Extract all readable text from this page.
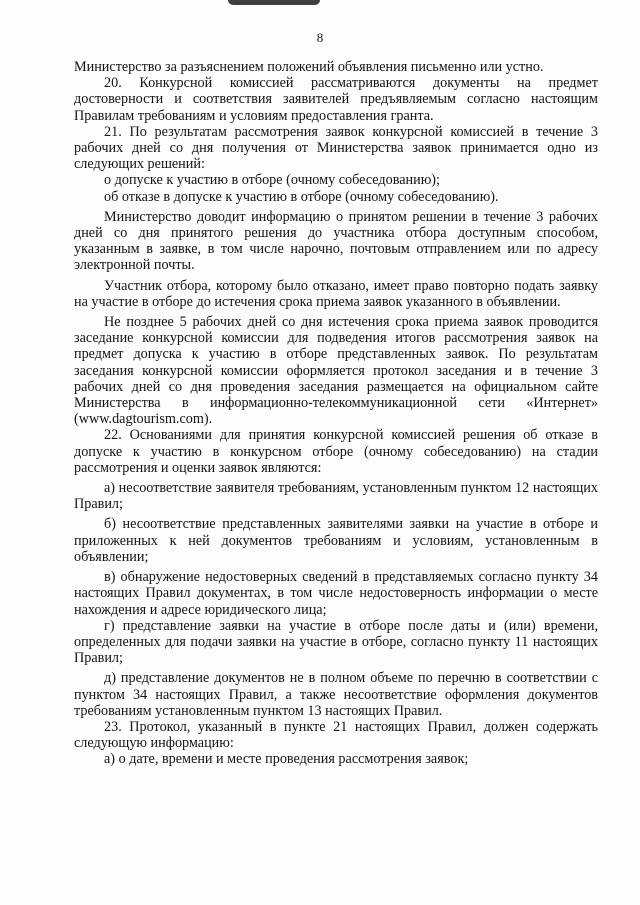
8

Министерство за разъяснением положений объявления письменно или устно.

20. Конкурсной комиссией рассматриваются документы на предмет достоверности и соответствия заявителей предъявляемым согласно настоящим Правилам требованиям и условиям предоставления гранта.

21. По результатам рассмотрения заявок конкурсной комиссией в течение 3 рабочих дней со дня получения от Министерства заявок принимается одно из следующих решений:

о допуске к участию в отборе (очному собеседованию);

об отказе в допуске к участию в отборе (очному собеседованию).

Министерство доводит информацию о принятом решении в течение 3 рабочих дней со дня принятого решения до участника отбора доступным способом, указанным в заявке, в том числе нарочно, почтовым отправлением или по адресу электронной почты.

Участник отбора, которому было отказано, имеет право повторно подать заявку на участие в отборе до истечения срока приема заявок указанного в объявлении.

Не позднее 5 рабочих дней со дня истечения срока приема заявок проводится заседание конкурсной комиссии для подведения итогов рассмотрения заявок на предмет допуска к участию в отборе представленных заявок. По результатам заседания конкурсной комиссии оформляется протокол заседания и в течение 3 рабочих дней со дня проведения заседания размещается на официальном сайте Министерства в информационно-телекоммуникационной сети «Интернет» (www.dagtourism.com).

22. Основаниями для принятия конкурсной комиссией решения об отказе в допуске к участию в конкурсном отборе (очному собеседованию) на стадии рассмотрения и оценки заявок являются:

а) несоответствие заявителя требованиям, установленным пунктом 12 настоящих Правил;

б) несоответствие представленных заявителями заявки на участие в отборе и приложенных к ней документов требованиям и условиям, установленным в объявлении;

в) обнаружение недостоверных сведений в представляемых согласно пункту 34 настоящих Правил документах, в том числе недостоверность информации о месте нахождения и адресе юридического лица;

г) представление заявки на участие в отборе после даты и (или) времени, определенных для подачи заявки на участие в отборе, согласно пункту 11 настоящих Правил;

д) представление документов не в полном объеме по перечню в соответствии с пунктом 34 настоящих Правил, а также несоответствие оформления документов требованиям установленным пунктом 13 настоящих Правил.

23. Протокол, указанный в пункте 21 настоящих Правил, должен содержать следующую информацию:

а) о дате, времени и месте проведения рассмотрения заявок;
